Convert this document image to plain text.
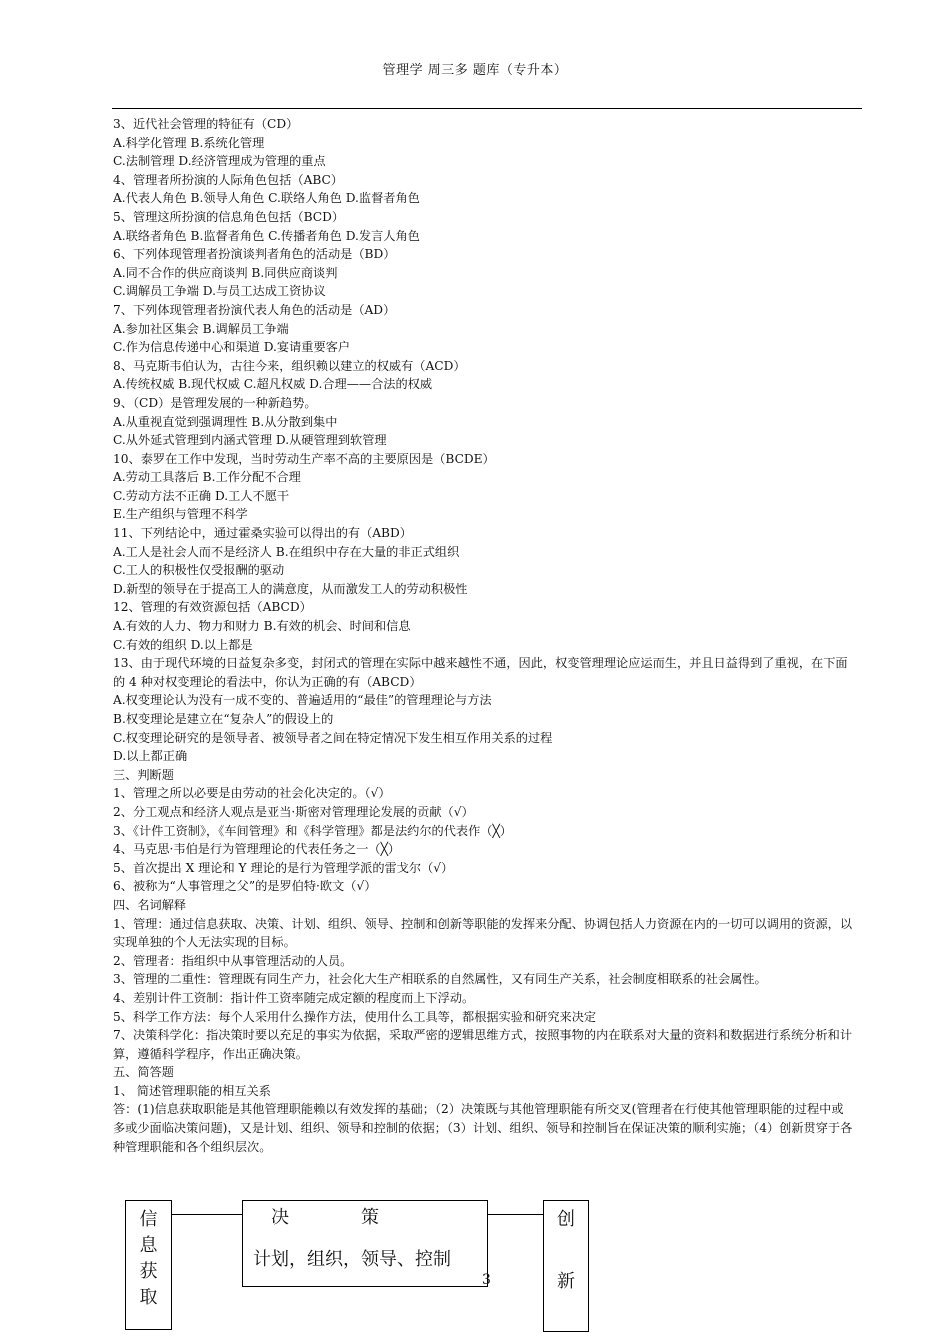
管理学 周三多 题库（专升本）
3、近代社会管理的特征有（CD）
A.科学化管理 B.系统化管理
C.法制管理 D.经济管理成为管理的重点
4、管理者所扮演的人际角色包括（ABC）
A.代表人角色 B.领导人角色 C.联络人角色 D.监督者角色
5、管理这所扮演的信息角色包括（BCD）
A.联络者角色 B.监督者角色 C.传播者角色 D.发言人角色
6、下列体现管理者扮演谈判者角色的活动是（BD）
A.同不合作的供应商谈判 B.同供应商谈判
C.调解员工争端 D.与员工达成工资协议
7、下列体现管理者扮演代表人角色的活动是（AD）
A.参加社区集会 B.调解员工争端
C.作为信息传递中心和渠道 D.宴请重要客户
8、马克斯韦伯认为，古往今来，组织赖以建立的权威有（ACD）
A.传统权威 B.现代权威 C.超凡权威 D.合理——合法的权威
9、（CD）是管理发展的一种新趋势。
A.从重视直觉到强调理性 B.从分散到集中
C.从外延式管理到内涵式管理 D.从硬管理到软管理
10、泰罗在工作中发现，当时劳动生产率不高的主要原因是（BCDE）
A.劳动工具落后 B.工作分配不合理
C.劳动方法不正确 D.工人不愿干
E.生产组织与管理不科学
11、下列结论中，通过霍桑实验可以得出的有（ABD）
A.工人是社会人而不是经济人 B.在组织中存在大量的非正式组织
C.工人的积极性仅受报酬的驱动
D.新型的领导在于提高工人的满意度，从而激发工人的劳动积极性
12、管理的有效资源包括（ABCD）
A.有效的人力、物力和财力 B.有效的机会、时间和信息
C.有效的组织 D.以上都是
13、由于现代环境的日益复杂多变，封闭式的管理在实际中越来越性不通，因此，权变管理理论应运而生，并且日益得到了重视，在下面的 4 种对权变理论的看法中，你认为正确的有（ABCD）
A.权变理论认为没有一成不变的、普遍适用的“最佳”的管理理论与方法
B.权变理论是建立在“复杂人”的假设上的
C.权变理论研究的是领导者、被领导者之间在特定情况下发生相互作用关系的过程
D.以上都正确
三、判断题
1、管理之所以必要是由劳动的社会化决定的。（√）
2、分工观点和经济人观点是亚当·斯密对管理理论发展的贡献（√）
3、《计件工资制》，《车间管理》和《科学管理》都是法约尔的代表作（╳）
4、马克思·韦伯是行为管理理论的代表任务之一（╳）
5、首次提出 X 理论和 Y 理论的是行为管理学派的雷戈尔（√）
6、被称为“人事管理之父”的是罗伯特·欧文（√）
四、名词解释
1、管理：通过信息获取、决策、计划、组织、领导、控制和创新等职能的发挥来分配、协调包括人力资源在内的一切可以调用的资源，以实现单独的个人无法实现的目标。
2、管理者：指组织中从事管理活动的人员。
3、管理的二重性：管理既有同生产力，社会化大生产相联系的自然属性，又有同生产关系，社会制度相联系的社会属性。
4、差别计件工资制：指计件工资率随完成定额的程度而上下浮动。
5、科学工作方法：每个人采用什么操作方法，使用什么工具等，都根据实验和研究来决定
7、决策科学化：指决策时要以充足的事实为依据，采取严密的逻辑思维方式，按照事物的内在联系对大量的资料和数据进行系统分析和计算，遵循科学程序，作出正确决策。
五、简答题
1、 简述管理职能的相互关系
答：(1)信息获取职能是其他管理职能赖以有效发挥的基础；（2）决策既与其他管理职能有所交叉(管理者在行使其他管理职能的过程中或多或少面临决策问题)，又是计划、组织、领导和控制的依据；（3）计划、组织、领导和控制旨在保证决策的顺利实施；（4）创新贯穿于各种管理职能和各个组织层次。
信
息
获
取
决　　　　策
计划，组织，领导、控制
创
新
3
